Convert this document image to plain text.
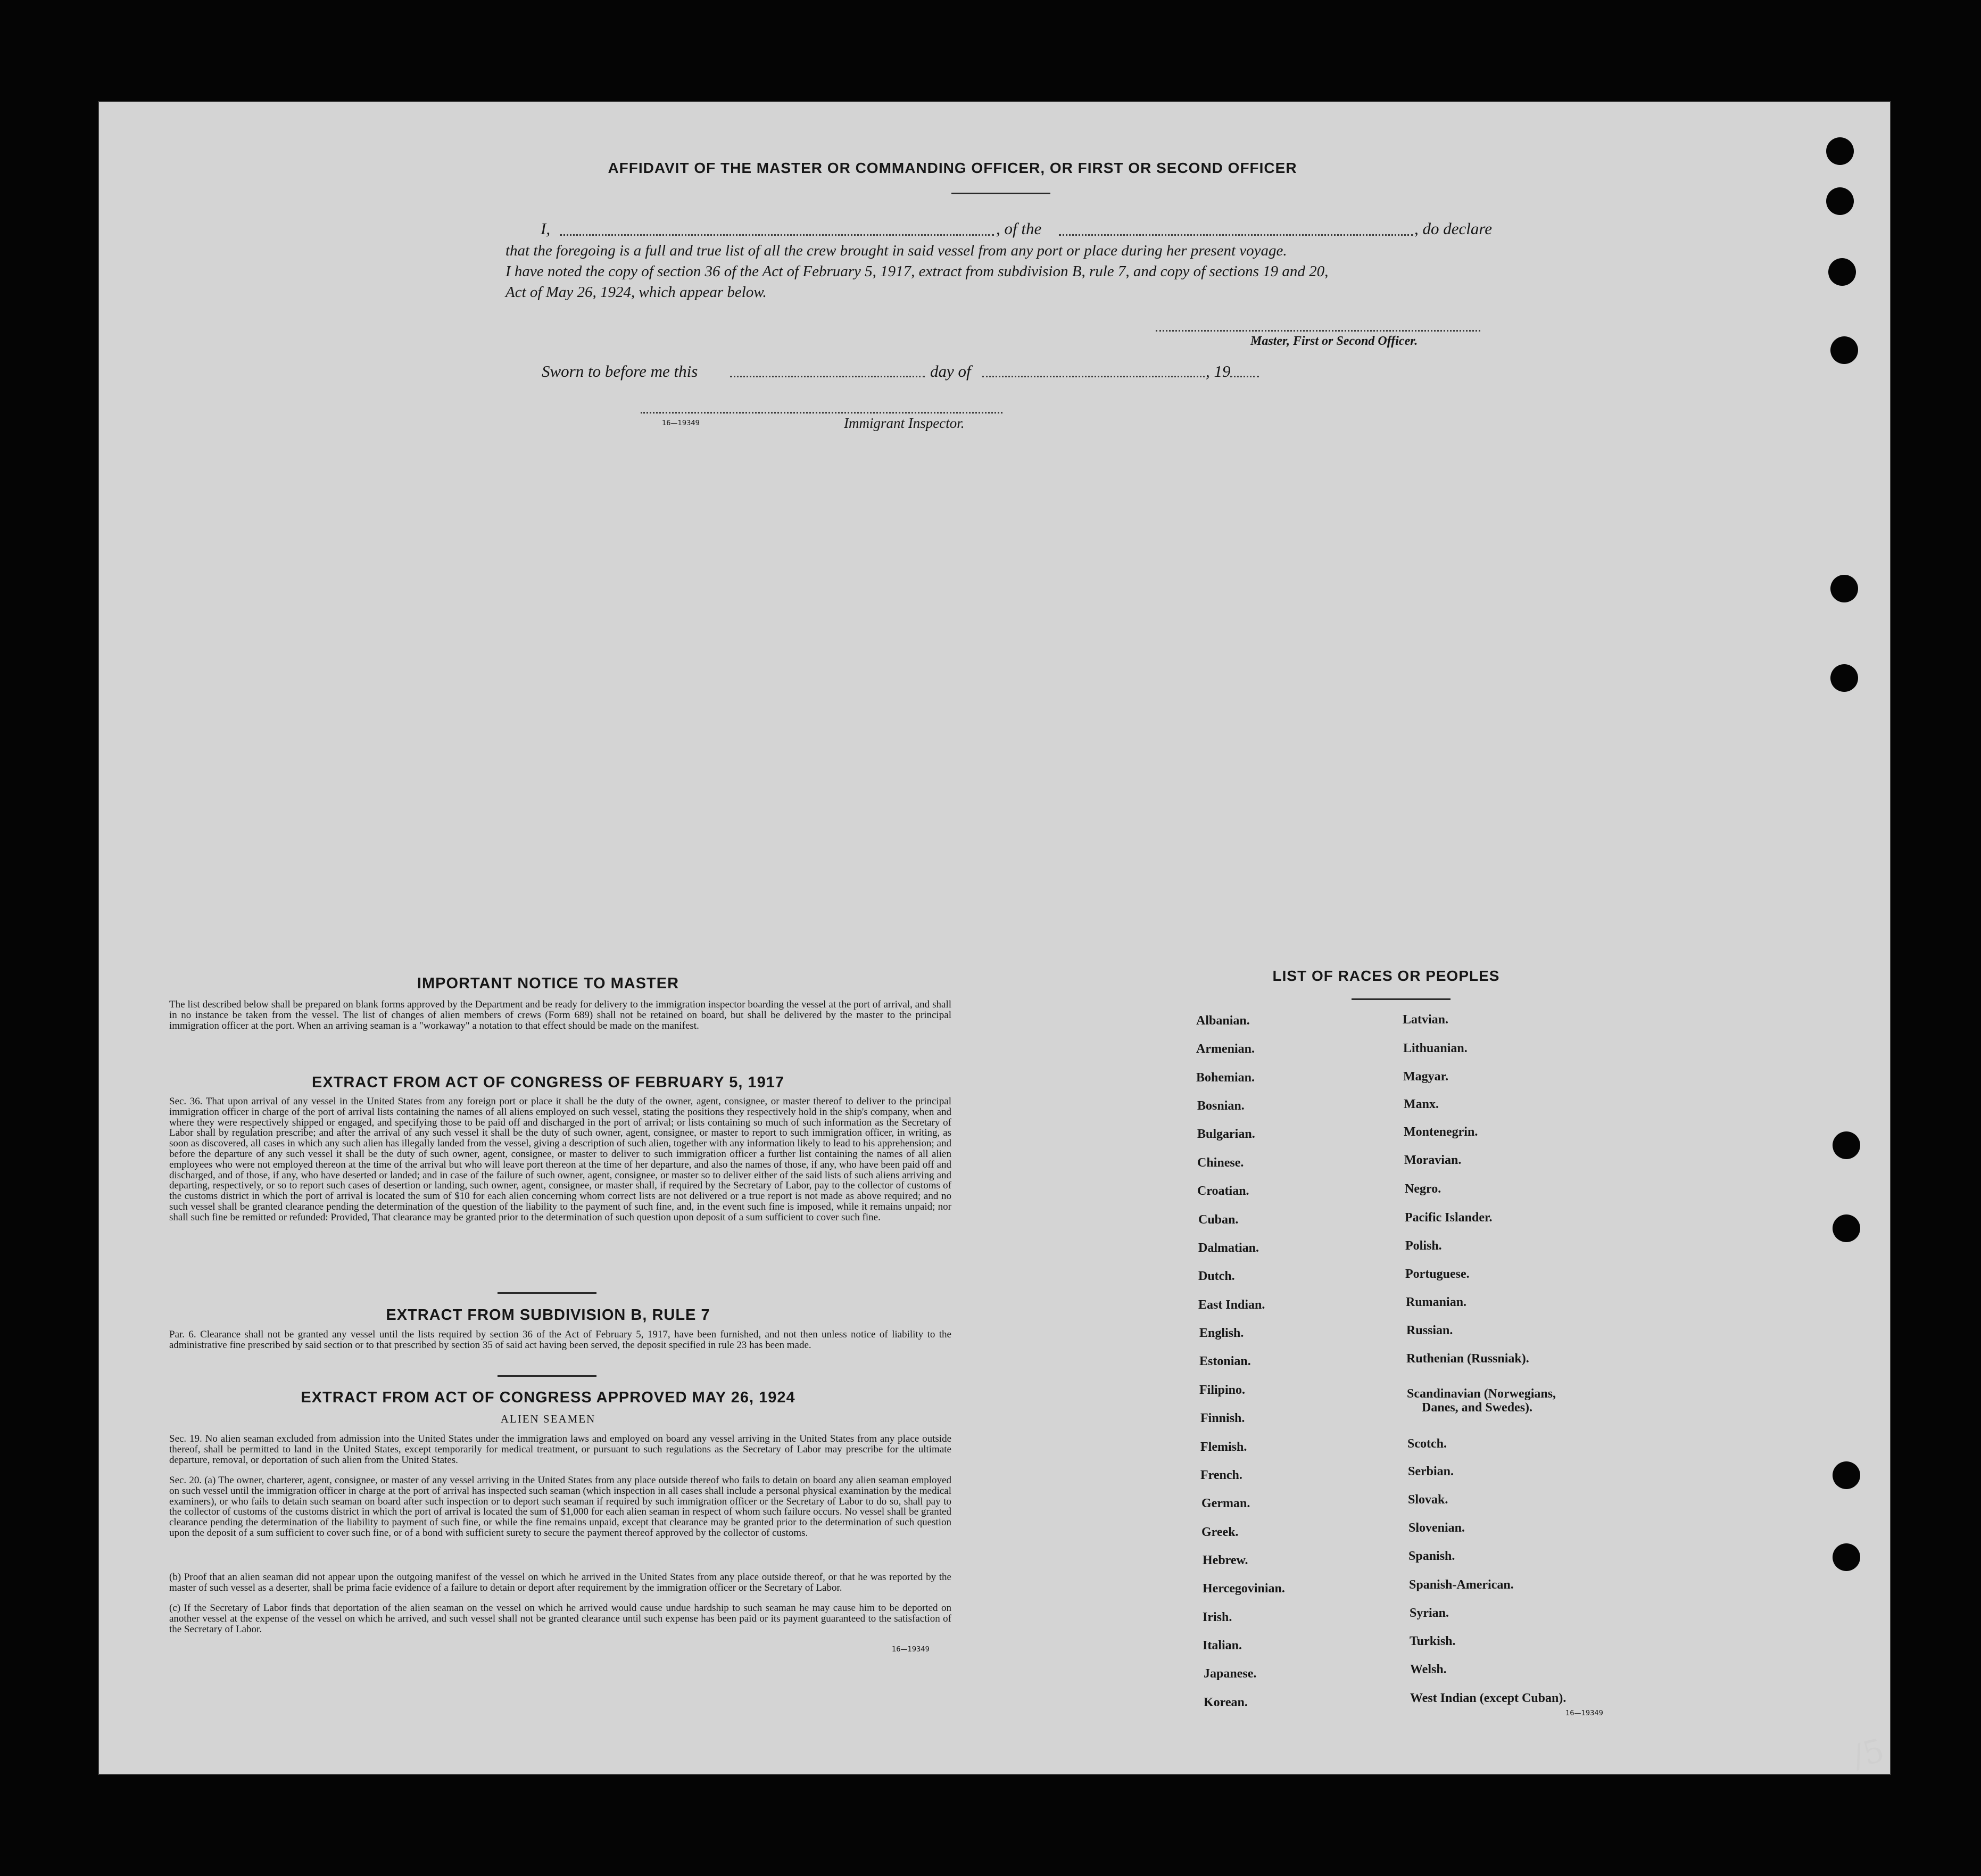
AFFIDAVIT OF THE MASTER OR COMMANDING OFFICER, OR FIRST OR SECOND OFFICER
I,	, of the	, do declare
that the foregoing is a full and true list of all the crew brought in said vessel from any port or place during her present voyage.
I have noted the copy of section 36 of the Act of February 5, 1917, extract from subdivision B, rule 7, and copy of sections 19 and 20,
Act of May 26, 1924, which appear below.
Master, First or Second Officer.
Sworn to before me this	day of	, 19
16—19349	Immigrant Inspector.
IMPORTANT NOTICE TO MASTER
The list described below shall be prepared on blank forms approved by the Department and be ready for delivery to the immigration inspector boarding the vessel at the port of arrival, and shall in no instance be taken from the vessel. The list of changes of alien members of crews (Form 689) shall not be retained on board, but shall be delivered by the master to the principal immigration officer at the port. When an arriving seaman is a "workaway" a notation to that effect should be made on the manifest.
EXTRACT FROM ACT OF CONGRESS OF FEBRUARY 5, 1917
Sec. 36. That upon arrival of any vessel in the United States from any foreign port or place it shall be the duty of the owner, agent, consignee, or master thereof to deliver to the principal immigration officer in charge of the port of arrival lists containing the names of all aliens employed on such vessel, stating the positions they respectively hold in the ship's company, when and where they were respectively shipped or engaged, and specifying those to be paid off and discharged in the port of arrival; or lists containing so much of such information as the Secretary of Labor shall by regulation prescribe; and after the arrival of any such vessel it shall be the duty of such owner, agent, consignee, or master to report to such immigration officer, in writing, as soon as discovered, all cases in which any such alien has illegally landed from the vessel, giving a description of such alien, together with any information likely to lead to his apprehension; and before the departure of any such vessel it shall be the duty of such owner, agent, consignee, or master to deliver to such immigration officer a further list containing the names of all alien employees who were not employed thereon at the time of the arrival but who will leave port thereon at the time of her departure, and also the names of those, if any, who have been paid off and discharged, and of those, if any, who have deserted or landed; and in case of the failure of such owner, agent, consignee, or master so to deliver either of the said lists of such aliens arriving and departing, respectively, or so to report such cases of desertion or landing, such owner, agent, consignee, or master shall, if required by the Secretary of Labor, pay to the collector of customs of the customs district in which the port of arrival is located the sum of $10 for each alien concerning whom correct lists are not delivered or a true report is not made as above required; and no such vessel shall be granted clearance pending the determination of the question of the liability to the payment of such fine, and, in the event such fine is imposed, while it remains unpaid; nor shall such fine be remitted or refunded: Provided, That clearance may be granted prior to the determination of such question upon deposit of a sum sufficient to cover such fine.
EXTRACT FROM SUBDIVISION B, RULE 7
Par. 6. Clearance shall not be granted any vessel until the lists required by section 36 of the Act of February 5, 1917, have been furnished, and not then unless notice of liability to the administrative fine prescribed by said section or to that prescribed by section 35 of said act having been served, the deposit specified in rule 23 has been made.
EXTRACT FROM ACT OF CONGRESS APPROVED MAY 26, 1924
ALIEN SEAMEN
Sec. 19. No alien seaman excluded from admission into the United States under the immigration laws and employed on board any vessel arriving in the United States from any place outside thereof, shall be permitted to land in the United States, except temporarily for medical treatment, or pursuant to such regulations as the Secretary of Labor may prescribe for the ultimate departure, removal, or deportation of such alien from the United States.
Sec. 20. (a) The owner, charterer, agent, consignee, or master of any vessel arriving in the United States from any place outside thereof who fails to detain on board any alien seaman employed on such vessel until the immigration officer in charge at the port of arrival has inspected such seaman (which inspection in all cases shall include a personal physical examination by the medical examiners), or who fails to detain such seaman on board after such inspection or to deport such seaman if required by such immigration officer or the Secretary of Labor to do so, shall pay to the collector of customs of the customs district in which the port of arrival is located the sum of $1,000 for each alien seaman in respect of whom such failure occurs. No vessel shall be granted clearance pending the determination of the liability to payment of such fine, or while the fine remains unpaid, except that clearance may be granted prior to the determination of such question upon the deposit of a sum sufficient to cover such fine, or of a bond with sufficient surety to secure the payment thereof approved by the collector of customs.
(b) Proof that an alien seaman did not appear upon the outgoing manifest of the vessel on which he arrived in the United States from any place outside thereof, or that he was reported by the master of such vessel as a deserter, shall be prima facie evidence of a failure to detain or deport after requirement by the immigration officer or the Secretary of Labor.
(c) If the Secretary of Labor finds that deportation of the alien seaman on the vessel on which he arrived would cause undue hardship to such seaman he may cause him to be deported on another vessel at the expense of the vessel on which he arrived, and such vessel shall not be granted clearance until such expense has been paid or its payment guaranteed to the satisfaction of the Secretary of Labor.
16—19349
LIST OF RACES OR PEOPLES
Albanian.
Armenian.
Bohemian.
Bosnian.
Bulgarian.
Chinese.
Croatian.
Cuban.
Dalmatian.
Dutch.
East Indian.
English.
Estonian.
Filipino.
Finnish.
Flemish.
French.
German.
Greek.
Hebrew.
Hercegovinian.
Irish.
Italian.
Japanese.
Korean.
Latvian.
Lithuanian.
Magyar.
Manx.
Montenegrin.
Moravian.
Negro.
Pacific Islander.
Polish.
Portuguese.
Rumanian.
Russian.
Ruthenian (Russniak).
Scandinavian (Norwegians,
Danes, and Swedes).
Scotch.
Serbian.
Slovak.
Slovenian.
Spanish.
Spanish-American.
Syrian.
Turkish.
Welsh.
West Indian (except Cuban).
16—19349
/5
